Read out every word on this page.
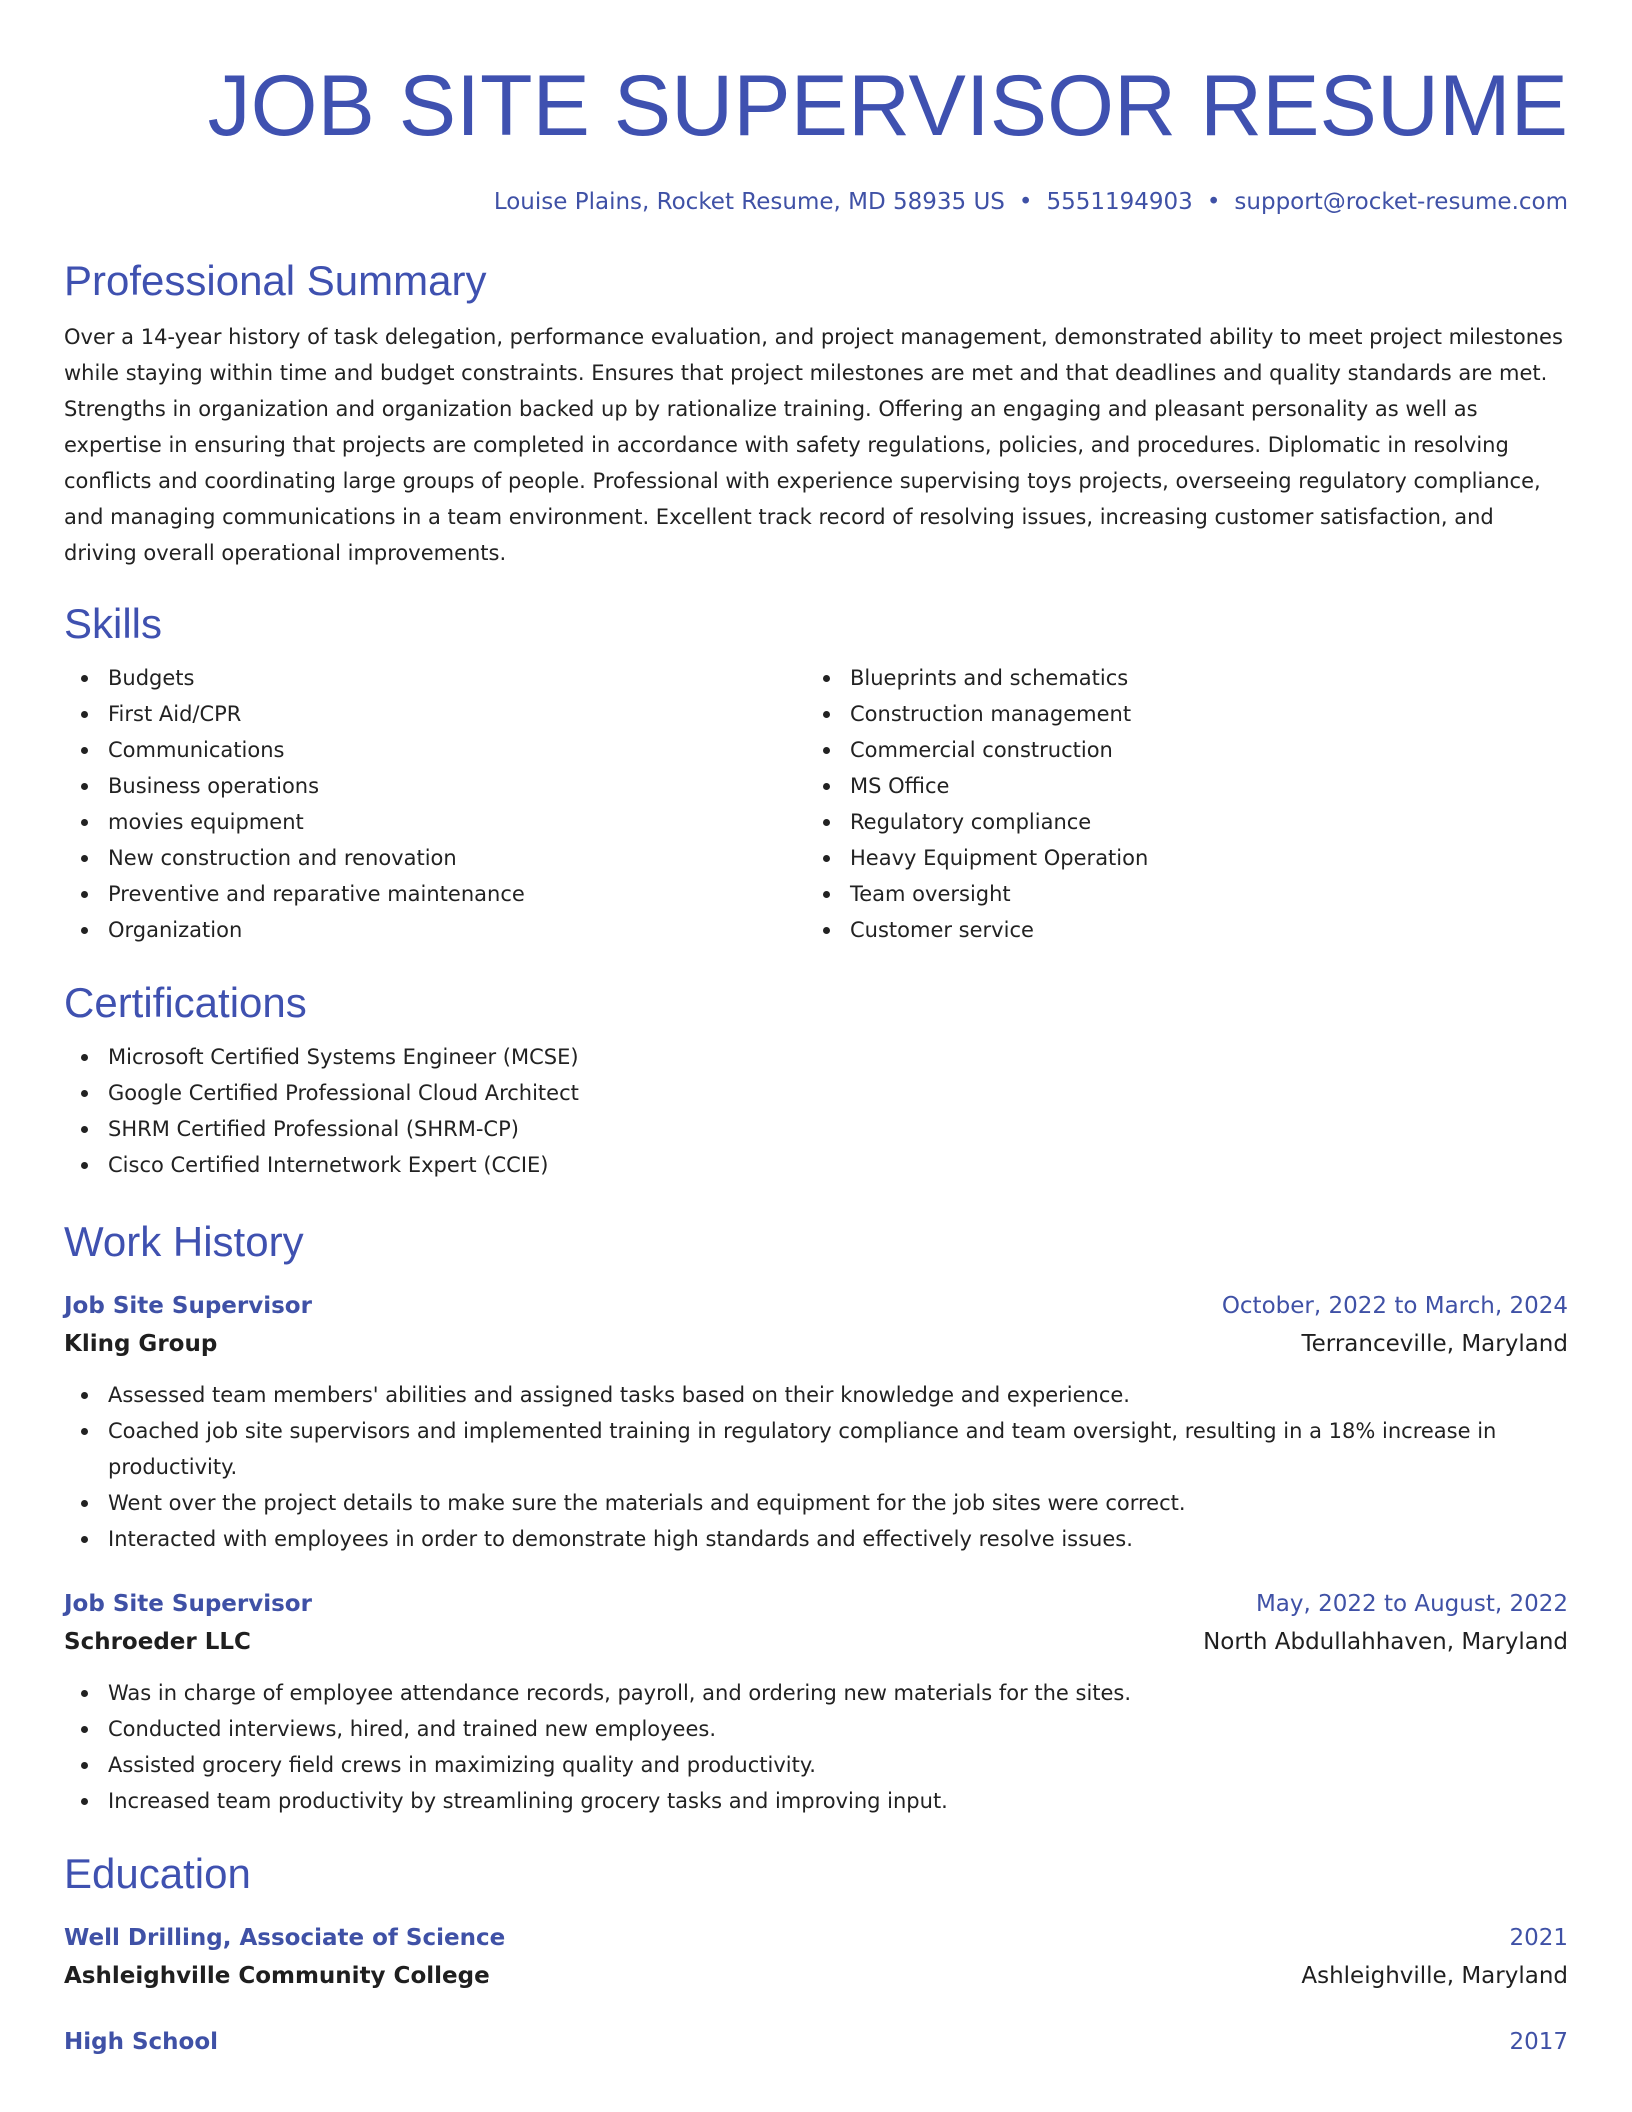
JOB SITE SUPERVISOR RESUME
Louise Plains, Rocket Resume, MD 58935 US • 5551194903 • support@rocket-resume.com
Professional Summary
Over a 14-year history of task delegation, performance evaluation, and project management, demonstrated ability to meet project milestones while staying within time and budget constraints. Ensures that project milestones are met and that deadlines and quality standards are met. Strengths in organization and organization backed up by rationalize training. Offering an engaging and pleasant personality as well as expertise in ensuring that projects are completed in accordance with safety regulations, policies, and procedures. Diplomatic in resolving conflicts and coordinating large groups of people. Professional with experience supervising toys projects, overseeing regulatory compliance, and managing communications in a team environment. Excellent track record of resolving issues, increasing customer satisfaction, and driving overall operational improvements.
Skills
Budgets
First Aid/CPR
Communications
Business operations
movies equipment
New construction and renovation
Preventive and reparative maintenance
Organization
Blueprints and schematics
Construction management
Commercial construction
MS Office
Regulatory compliance
Heavy Equipment Operation
Team oversight
Customer service
Certifications
Microsoft Certified Systems Engineer (MCSE)
Google Certified Professional Cloud Architect
SHRM Certified Professional (SHRM-CP)
Cisco Certified Internetwork Expert (CCIE)
Work History
Job Site Supervisor	October, 2022 to March, 2024
Kling Group	Terranceville, Maryland
Assessed team members' abilities and assigned tasks based on their knowledge and experience.
Coached job site supervisors and implemented training in regulatory compliance and team oversight, resulting in a 18% increase in productivity.
Went over the project details to make sure the materials and equipment for the job sites were correct.
Interacted with employees in order to demonstrate high standards and effectively resolve issues.
Job Site Supervisor	May, 2022 to August, 2022
Schroeder LLC	North Abdullahhaven, Maryland
Was in charge of employee attendance records, payroll, and ordering new materials for the sites.
Conducted interviews, hired, and trained new employees.
Assisted grocery field crews in maximizing quality and productivity.
Increased team productivity by streamlining grocery tasks and improving input.
Education
Well Drilling, Associate of Science	2021
Ashleighville Community College	Ashleighville, Maryland
High School	2017
